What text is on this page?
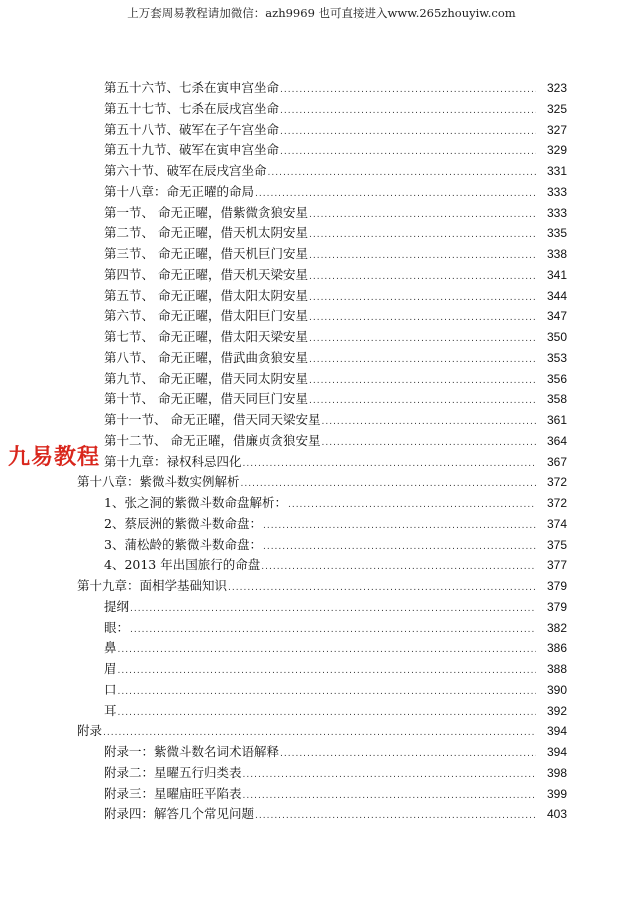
上万套周易教程请加微信：azh9969 也可直接进入www.265zhouyiw.com
第五十六节、七杀在寅申宫坐命 .....	323
第五十七节、七杀在辰戌宫坐命 .....	325
第五十八节、破军在子午宫坐命 .....	327
第五十九节、破军在寅申宫坐命 .....	329
第六十节、破军在辰戌宫坐命 .....	331
第十八章：命无正曜的命局 .....	333
第一节、 命无正曜，借紫微贪狼安星 .....	333
第二节、 命无正曜，借天机太阴安星 .....	335
第三节、 命无正曜，借天机巨门安星 .....	338
第四节、 命无正曜，借天机天梁安星 .....	341
第五节、 命无正曜，借太阳太阴安星 .....	344
第六节、 命无正曜，借太阳巨门安星 .....	347
第七节、 命无正曜，借太阳天梁安星 .....	350
第八节、 命无正曜，借武曲贪狼安星 .....	353
第九节、 命无正曜，借天同太阴安星 .....	356
第十节、 命无正曜，借天同巨门安星 .....	358
第十一节、 命无正曜，借天同天梁安星 .....	361
第十二节、 命无正曜，借廉贞贪狼安星 .....	364
第十九章：禄权科忌四化 .....	367
第十八章：紫微斗数实例解析 .....	372
1、张之洞的紫微斗数命盘解析： .....	372
2、蔡辰洲的紫微斗数命盘： .....	374
3、蒲松龄的紫微斗数命盘： .....	375
4、2013 年出国旅行的命盘 .....	377
第十九章：面相学基础知识 .....	379
提纲 .....	379
眼： .....	382
鼻 .....	386
眉 .....	388
口 .....	390
耳 .....	392
附录 .....	394
附录一：紫微斗数名词术语解释 .....	394
附录二：星曜五行归类表 .....	398
附录三：星曜庙旺平陷表 .....	399
附录四：解答几个常见问题 .....	403
九易教程
